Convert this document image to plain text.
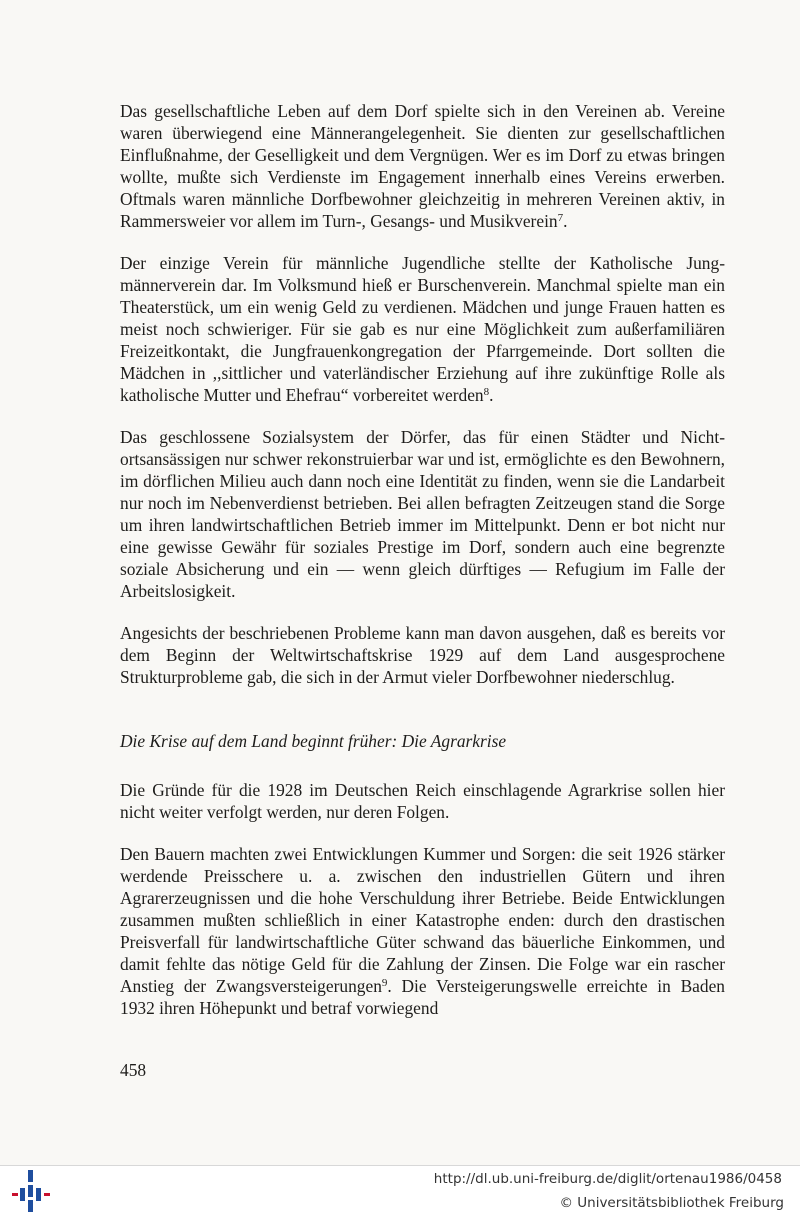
Das gesellschaftliche Leben auf dem Dorf spielte sich in den Vereinen ab. Vereine waren überwiegend eine Männerangelegenheit. Sie dienten zur gesellschaftlichen Einflußnahme, der Geselligkeit und dem Vergnügen. Wer es im Dorf zu etwas bringen wollte, mußte sich Verdienste im Engagement innerhalb eines Vereins erwerben. Oftmals waren männliche Dorfbewohner gleichzeitig in mehreren Vereinen aktiv, in Rammersweier vor allem im Turn-, Gesangs- und Musikverein$^7$.

Der einzige Verein für männliche Jugendliche stellte der Katholische Jungmännerverein dar. Im Volksmund hieß er Burschenverein. Manchmal spielte man ein Theaterstück, um ein wenig Geld zu verdienen. Mädchen und junge Frauen hatten es meist noch schwieriger. Für sie gab es nur eine Möglichkeit zum außerfamiliären Freizeitkontakt, die Jungfrauenkongregation der Pfarrgemeinde. Dort sollten die Mädchen in ,,sittlicher und vaterländischer Erziehung auf ihre zukünftige Rolle als katholische Mutter und Ehefrau“ vorbereitet werden$^8$.

Das geschlossene Sozialsystem der Dörfer, das für einen Städter und Nichtortsansässigen nur schwer rekonstruierbar war und ist, ermöglichte es den Bewohnern, im dörflichen Milieu auch dann noch eine Identität zu finden, wenn sie die Landarbeit nur noch im Nebenverdienst betrieben. Bei allen befragten Zeitzeugen stand die Sorge um ihren landwirtschaftlichen Betrieb immer im Mittelpunkt. Denn er bot nicht nur eine gewisse Gewähr für soziales Prestige im Dorf, sondern auch eine begrenzte soziale Absicherung und ein — wenn gleich dürftiges — Refugium im Falle der Arbeitslosigkeit.

Angesichts der beschriebenen Probleme kann man davon ausgehen, daß es bereits vor dem Beginn der Weltwirtschaftskrise 1929 auf dem Land ausgesprochene Strukturprobleme gab, die sich in der Armut vieler Dorfbewohner niederschlug.

Die Krise auf dem Land beginnt früher: Die Agrarkrise

Die Gründe für die 1928 im Deutschen Reich einschlagende Agrarkrise sollen hier nicht weiter verfolgt werden, nur deren Folgen.

Den Bauern machten zwei Entwicklungen Kummer und Sorgen: die seit 1926 stärker werdende Preisschere u. a. zwischen den industriellen Gütern und ihren Agrarerzeugnissen und die hohe Verschuldung ihrer Betriebe. Beide Entwicklungen zusammen mußten schließlich in einer Katastrophe enden: durch den drastischen Preisverfall für landwirtschaftliche Güter schwand das bäuerliche Einkommen, und damit fehlte das nötige Geld für die Zahlung der Zinsen. Die Folge war ein rascher Anstieg der Zwangsversteigerungen$^9$. Die Versteigerungswelle erreichte in Baden 1932 ihren Höhepunkt und betraf vorwiegend

458
http://dl.ub.uni-freiburg.de/diglit/ortenau1986/0458
© Universitätsbibliothek Freiburg
